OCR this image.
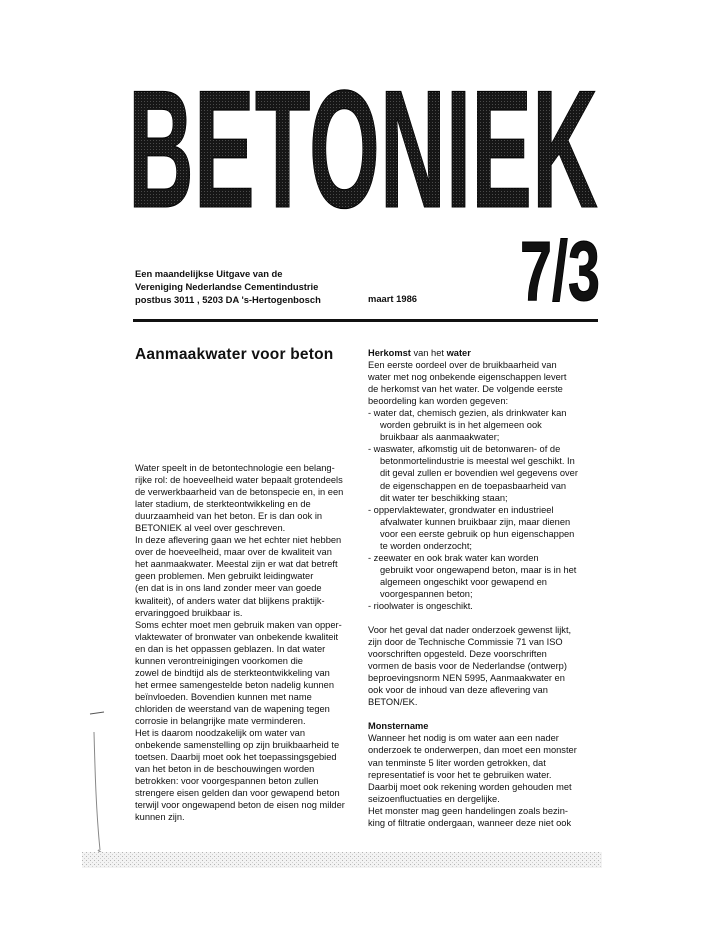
BETONIEK
7/3
Een maandelijkse Uitgave van de
Vereniging Nederlandse Cementindustrie
postbus 3011 , 5203 DA 's-Hertogenbosch	maart 1986
Aanmaakwater voor beton
Water speelt in de betontechnologie een belang-
rijke rol: de hoeveelheid water bepaalt grotendeels
de verwerkbaarheid van de betonspecie en, in een
later stadium, de sterkteontwikkeling en de
duurzaamheid van het beton. Er is dan ook in
BETONIEK al veel over geschreven.
In deze aflevering gaan we het echter niet hebben
over de hoeveelheid, maar over de kwaliteit van
het aanmaakwater. Meestal zijn er wat dat betreft
geen problemen. Men gebruikt leidingwater
(en dat is in ons land zonder meer van goede
kwaliteit), of anders water dat blijkens praktijk-
ervaringgoed bruikbaar is.
Soms echter moet men gebruik maken van opper-
vlaktewater of bronwater van onbekende kwaliteit
en dan is het oppassen geblazen. In dat water
kunnen verontreinigingen voorkomen die
zowel de bindtijd als de sterkteontwikkeling van
het ermee samengestelde beton nadelig kunnen
beïnvloeden. Bovendien kunnen met name
chloriden de weerstand van de wapening tegen
corrosie in belangrijke mate verminderen.
Het is daarom noodzakelijk om water van
onbekende samenstelling op zijn bruikbaarheid te
toetsen. Daarbij moet ook het toepassingsgebied
van het beton in de beschouwingen worden
betrokken: voor voorgespannen beton zullen
strengere eisen gelden dan voor gewapend beton
terwijl voor ongewapend beton de eisen nog milder
kunnen zijn.
Herkomst van het water
Een eerste oordeel over de bruikbaarheid van
water met nog onbekende eigenschappen levert
de herkomst van het water. De volgende eerste
beoordeling kan worden gegeven:
- water dat, chemisch gezien, als drinkwater kan
worden gebruikt is in het algemeen ook
bruikbaar als aanmaakwater;
- waswater, afkomstig uit de betonwaren- of de
betonmortelindustrie is meestal wel geschikt. In
dit geval zullen er bovendien wel gegevens over
de eigenschappen en de toepasbaarheid van
dit water ter beschikking staan;
- oppervlaktewater, grondwater en industrieel
afvalwater kunnen bruikbaar zijn, maar dienen
voor een eerste gebruik op hun eigenschappen
te worden onderzocht;
- zeewater en ook brak water kan worden
gebruikt voor ongewapend beton, maar is in het
algemeen ongeschikt voor gewapend en
voorgespannen beton;
- rioolwater is ongeschikt.
Voor het geval dat nader onderzoek gewenst lijkt,
zijn door de Technische Commissie 71 van ISO
voorschriften opgesteld. Deze voorschriften
vormen de basis voor de Nederlandse (ontwerp)
beproevingsnorm NEN 5995, Aanmaakwater en
ook voor de inhoud van deze aflevering van
BETON/EK.
Monstername
Wanneer het nodig is om water aan een nader
onderzoek te onderwerpen, dan moet een monster
van tenminste 5 liter worden getrokken, dat
representatief is voor het te gebruiken water.
Daarbij moet ook rekening worden gehouden met
seizoenfluctuaties en dergelijke.
Het monster mag geen handelingen zoals bezin-
king of filtratie ondergaan, wanneer deze niet ook
